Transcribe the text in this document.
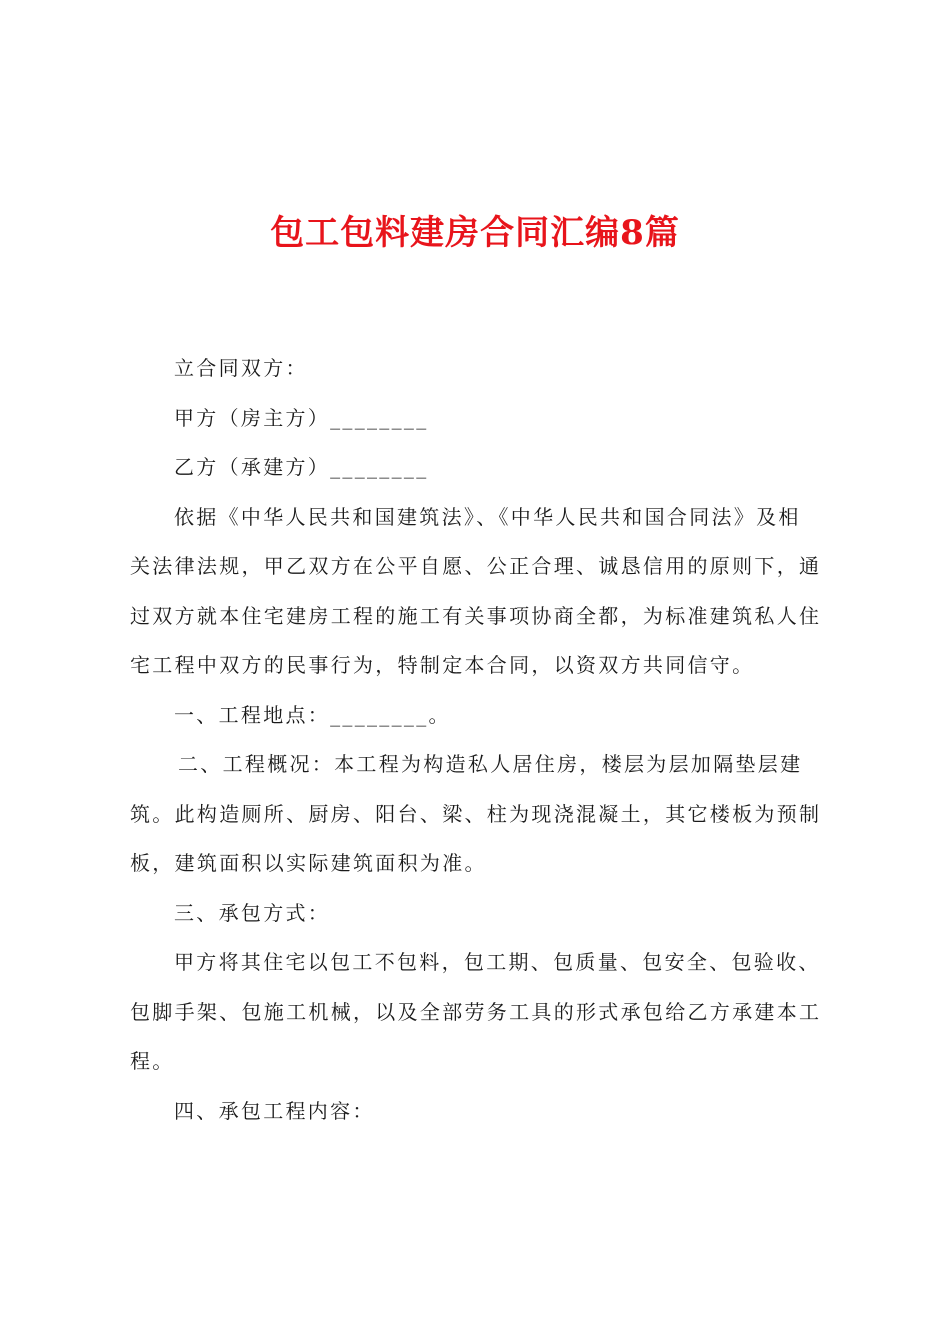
包工包料建房合同汇编8篇
立合同双方：
甲方（房主方）________
乙方（承建方）________
依据《中华人民共和国建筑法》、《中华人民共和国合同法》及相
关法律法规，甲乙双方在公平自愿、公正合理、诚恳信用的原则下，通
过双方就本住宅建房工程的施工有关事项协商全都，为标准建筑私人住
宅工程中双方的民事行为，特制定本合同，以资双方共同信守。
一、工程地点：________。
二、工程概况：本工程为构造私人居住房，楼层为层加隔垫层建
筑。此构造厕所、厨房、阳台、梁、柱为现浇混凝土，其它楼板为预制
板，建筑面积以实际建筑面积为准。
三、承包方式：
甲方将其住宅以包工不包料，包工期、包质量、包安全、包验收、
包脚手架、包施工机械，以及全部劳务工具的形式承包给乙方承建本工
程。
四、承包工程内容：
